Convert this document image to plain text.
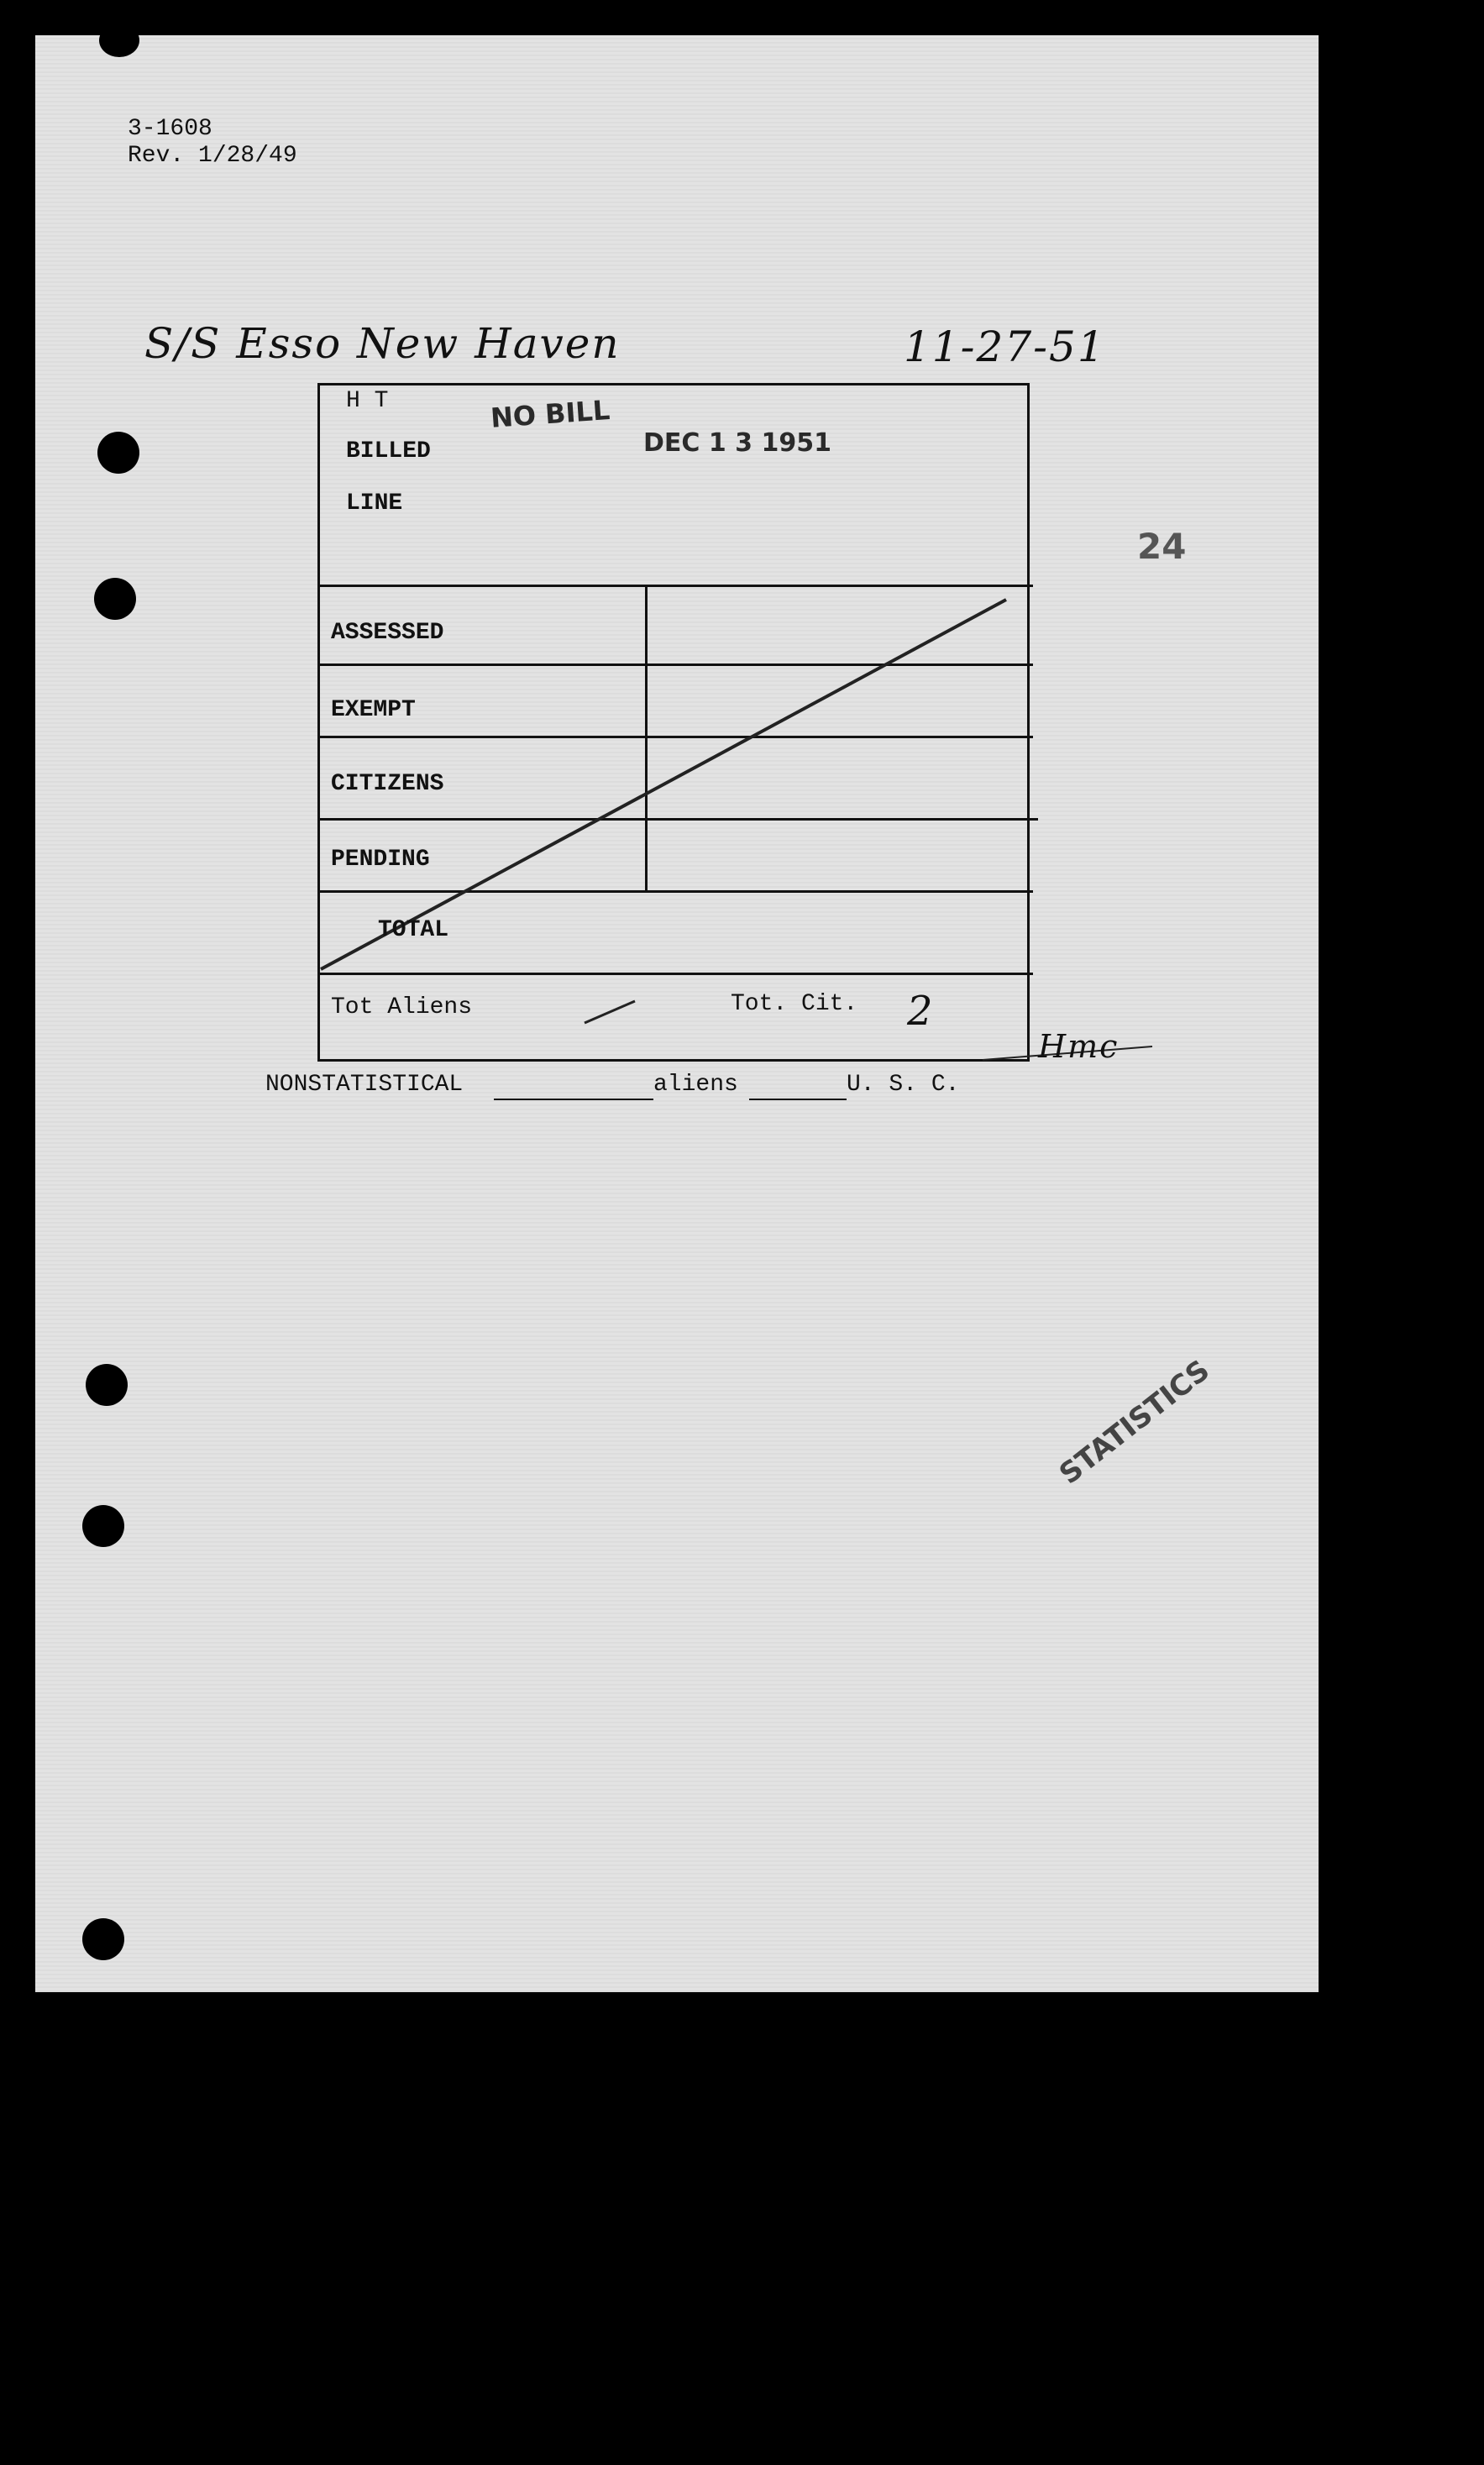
3-1608
Rev. 1/28/49
S/S Esso New Haven	11-27-51
NO BILL
DEC 1 3 1951
24
STATISTICS
H T
BILLED
LINE
ASSESSED
EXEMPT
CITIZENS
PENDING
TOTAL
Tot Aliens	Tot. Cit. 2
Hmc
NONSTATISTICAL	aliens	U. S. C.
